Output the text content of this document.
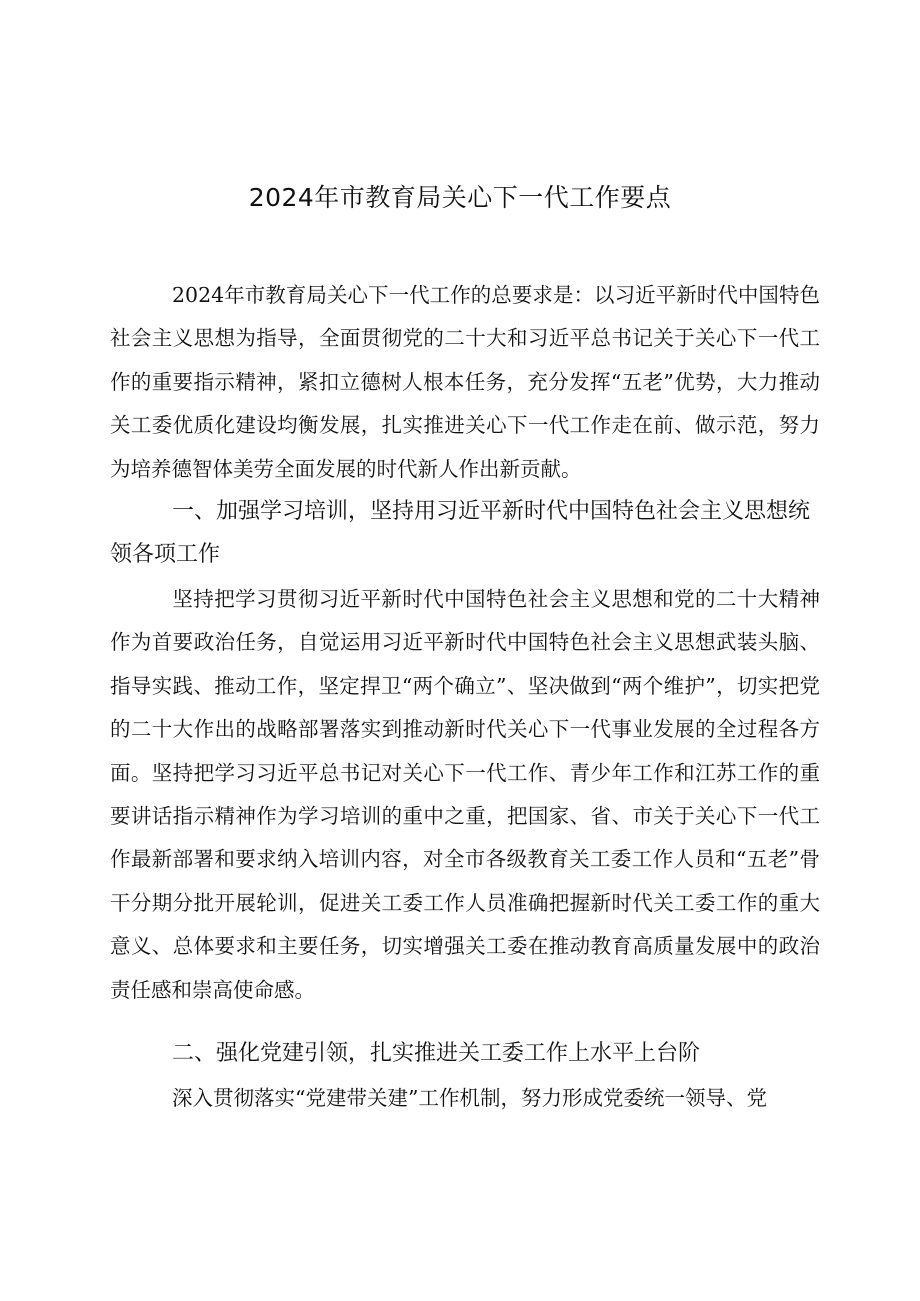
2024年市教育局关心下一代工作要点
2024年市教育局关心下一代工作的总要求是：以习近平新时代中国特色社会主义思想为指导，全面贯彻党的二十大和习近平总书记关于关心下一代工作的重要指示精神，紧扣立德树人根本任务，充分发挥“五老”优势，大力推动关工委优质化建设均衡发展，扎实推进关心下一代工作走在前、做示范，努力为培养德智体美劳全面发展的时代新人作出新贡献。
一、加强学习培训，坚持用习近平新时代中国特色社会主义思想统领各项工作
坚持把学习贯彻习近平新时代中国特色社会主义思想和党的二十大精神作为首要政治任务，自觉运用习近平新时代中国特色社会主义思想武装头脑、指导实践、推动工作，坚定捍卫“两个确立”、坚决做到“两个维护”，切实把党的二十大作出的战略部署落实到推动新时代关心下一代事业发展的全过程各方面。坚持把学习习近平总书记对关心下一代工作、青少年工作和江苏工作的重要讲话指示精神作为学习培训的重中之重，把国家、省、市关于关心下一代工作最新部署和要求纳入培训内容，对全市各级教育关工委工作人员和“五老”骨干分期分批开展轮训，促进关工委工作人员准确把握新时代关工委工作的重大意义、总体要求和主要任务，切实增强关工委在推动教育高质量发展中的政治责任感和崇高使命感。
二、强化党建引领，扎实推进关工委工作上水平上台阶
深入贯彻落实“党建带关建”工作机制，努力形成党委统一领导、党
